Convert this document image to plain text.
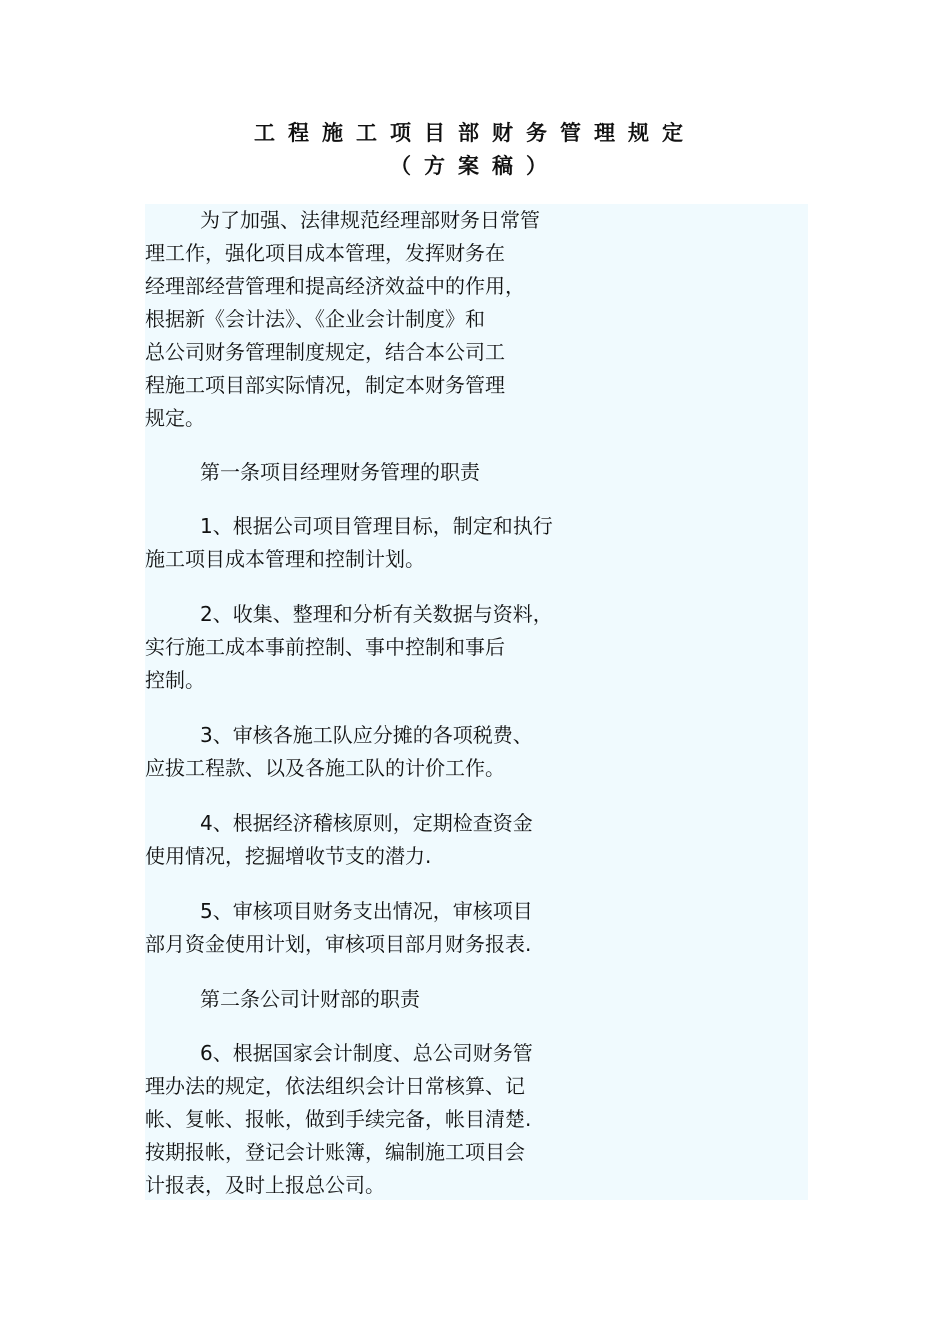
工程施工项目部财务管理规定
（方案稿）
为了加强、法律规范经理部财务日常管
理工作，强化项目成本管理，发挥财务在
经理部经营管理和提高经济效益中的作用，
根据新《会计法》、《企业会计制度》和
总公司财务管理制度规定，结合本公司工
程施工项目部实际情况，制定本财务管理
规定。
第一条项目经理财务管理的职责
1、根据公司项目管理目标，制定和执行
施工项目成本管理和控制计划。
2、收集、整理和分析有关数据与资料，
实行施工成本事前控制、事中控制和事后
控制。
3、审核各施工队应分摊的各项税费、
应拔工程款、以及各施工队的计价工作。
4、根据经济稽核原则，定期检查资金
使用情况，挖掘增收节支的潜力.
5、审核项目财务支出情况，审核项目
部月资金使用计划，审核项目部月财务报表.
第二条公司计财部的职责
6、根据国家会计制度、总公司财务管
理办法的规定，依法组织会计日常核算、记
帐、复帐、报帐，做到手续完备，帐目清楚.
按期报帐，登记会计账簿，编制施工项目会
计报表，及时上报总公司。
